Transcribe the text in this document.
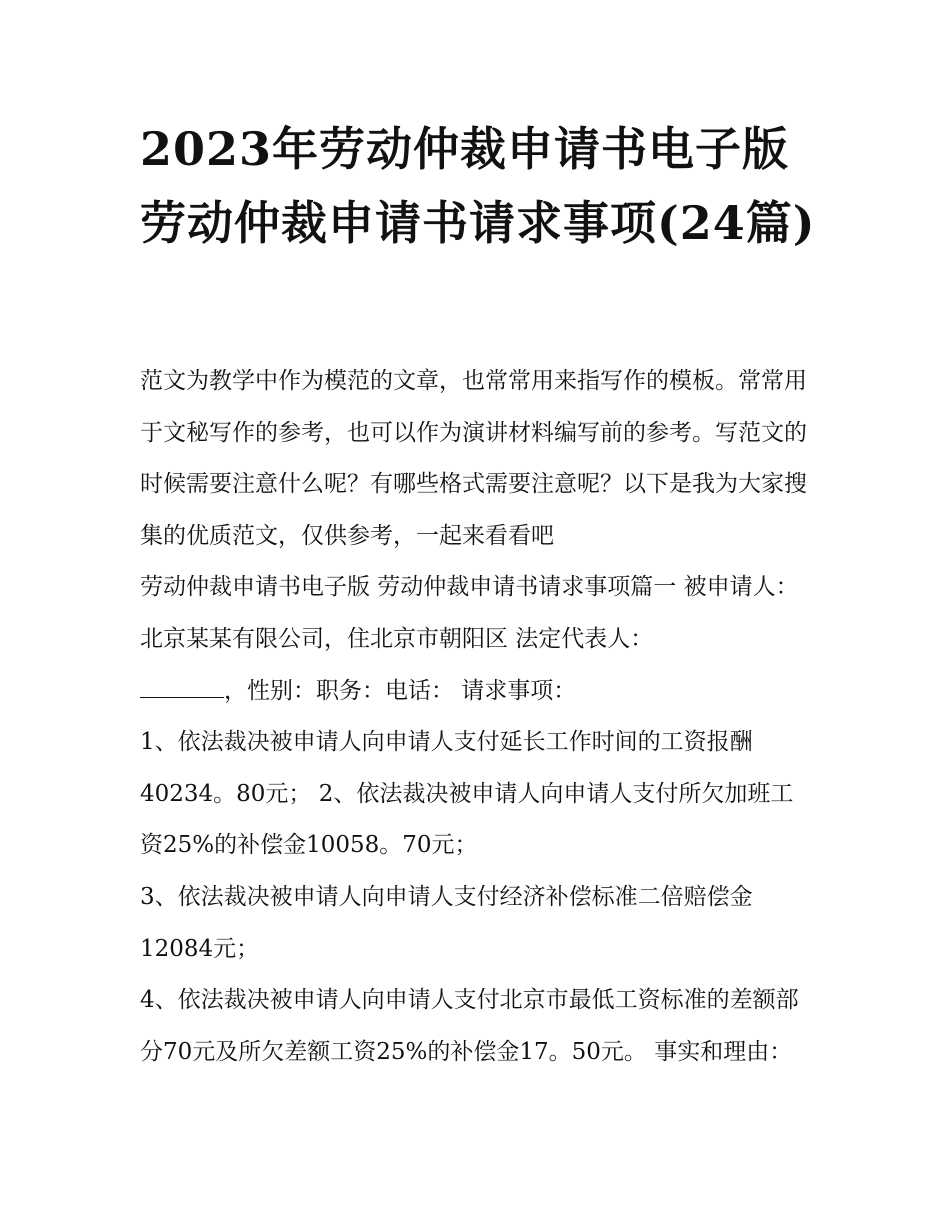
2023年劳动仲裁申请书电子版 劳动仲裁申请书请求事项(24篇)

范文为教学中作为模范的文章，也常常用来指写作的模板。常常用于文秘写作的参考，也可以作为演讲材料编写前的参考。写范文的时候需要注意什么呢？有哪些格式需要注意呢？以下是我为大家搜集的优质范文，仅供参考，一起来看看吧

劳动仲裁申请书电子版 劳动仲裁申请书请求事项篇一 被申请人：北京某某有限公司，住北京市朝阳区 法定代表人：
，性别：职务：电话： 请求事项：

1、依法裁决被申请人向申请人支付延长工作时间的工资报酬40234。80元； 2、依法裁决被申请人向申请人支付所欠加班工资25%的补偿金10058。70元；

3、依法裁决被申请人向申请人支付经济补偿标准二倍赔偿金12084元；

4、依法裁决被申请人向申请人支付北京市最低工资标准的差额部分70元及所欠差额工资25%的补偿金17。50元。 事实和理由：
